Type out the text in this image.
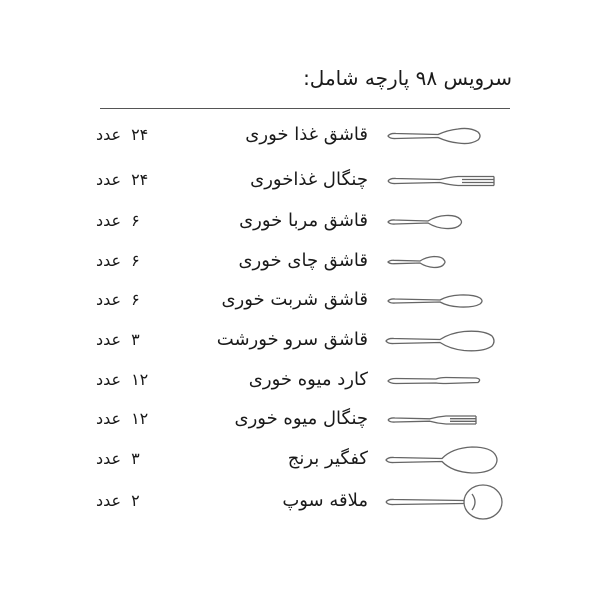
سرویس ۹۸ پارچه شامل:
قاشق غذا خوری
۲۴عدد
چنگال غذاخوری
۲۴عدد
قاشق مربا خوری
۶عدد
قاشق چای خوری
۶عدد
قاشق شربت خوری
۶عدد
قاشق سرو خورشت
۳عدد
کارد میوه خوری
۱۲عدد
چنگال میوه خوری
۱۲عدد
کفگیر برنج
۳عدد
ملاقه سوپ
۲عدد
